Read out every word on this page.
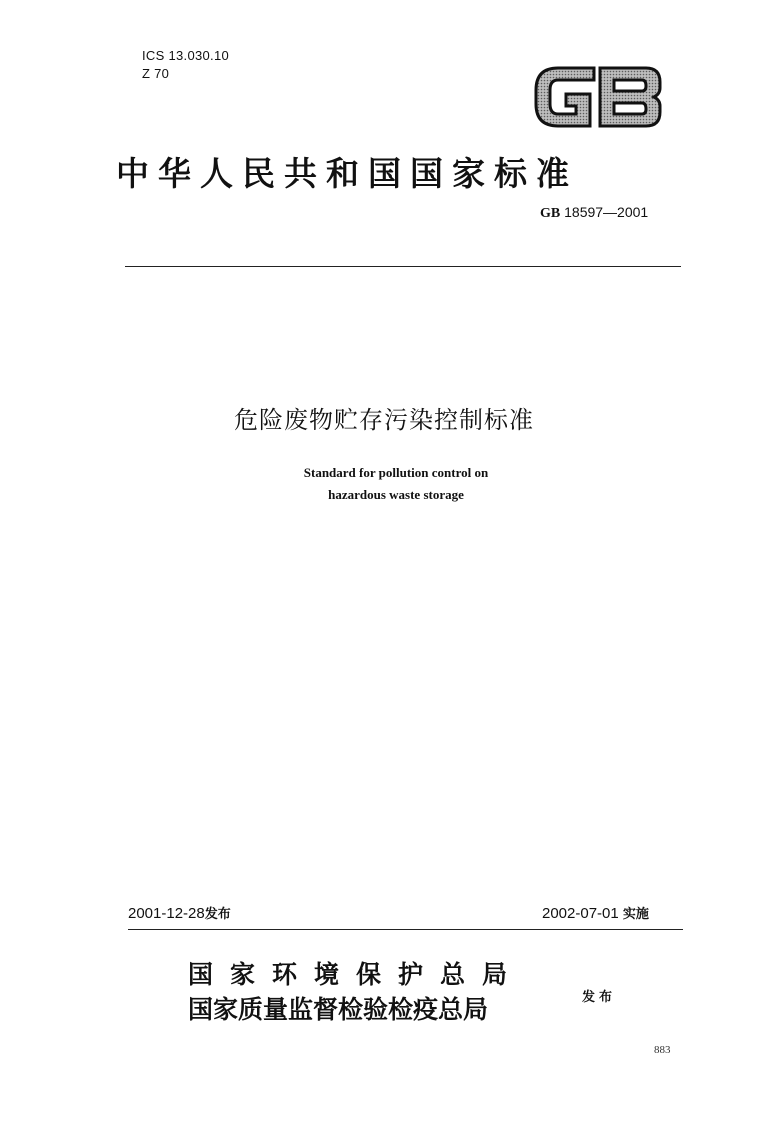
ICS 13.030.10
Z 70
中华人民共和国国家标准
GB 18597—2001
危险废物贮存污染控制标准
Standard for pollution control on
hazardous waste storage
2001-12-28发布	2002-07-01 实施
国家环境保护总局
国家质量监督检验检疫总局	发布
883
